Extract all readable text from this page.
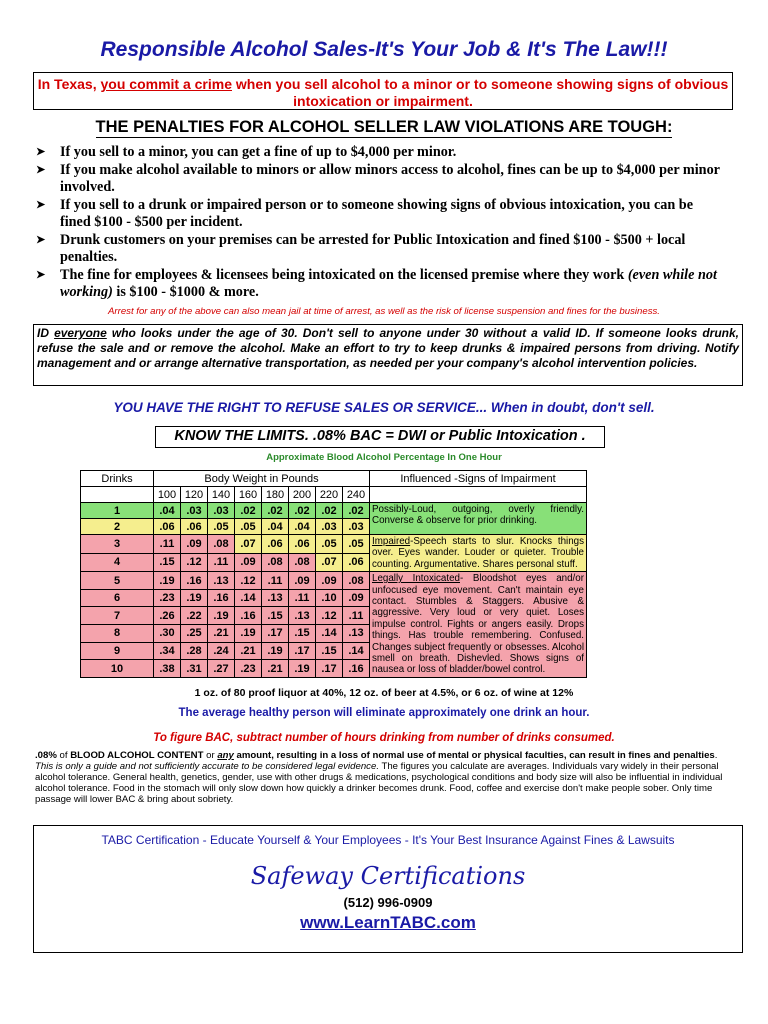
Responsible Alcohol Sales-It's Your Job & It's The Law!!!
In Texas, you commit a crime when you sell alcohol to a minor or to someone showing signs of obvious intoxication or impairment.
THE PENALTIES FOR ALCOHOL SELLER LAW VIOLATIONS ARE TOUGH:
➤ If you sell to a minor, you can get a fine of up to $4,000 per minor.
➤ If you make alcohol available to minors or allow minors access to alcohol, fines can be up to $4,000 per minor involved.
➤ If you sell to a drunk or impaired person or to someone showing signs of obvious intoxication, you can be fined $100 - $500 per incident.
➤ Drunk customers on your premises can be arrested for Public Intoxication and fined $100 - $500 + local penalties.
➤ The fine for employees & licensees being intoxicated on the licensed premise where they work (even while not working) is $100 - $1000 & more.
Arrest for any of the above can also mean jail at time of arrest, as well as the risk of license suspension and fines for the business.
ID everyone who looks under the age of 30. Don't sell to anyone under 30 without a valid ID. If someone looks drunk, refuse the sale and or remove the alcohol. Make an effort to try to keep drunks & impaired persons from driving. Notify management and or arrange alternative transportation, as needed per your company's alcohol intervention policies.
YOU HAVE THE RIGHT TO REFUSE SALES OR SERVICE... When in doubt, don't sell.
KNOW THE LIMITS. .08% BAC = DWI or Public Intoxication .
Approximate Blood Alcohol Percentage In One Hour
Drinks	Body Weight in Pounds								Influenced -Signs of Impairment
	100	120	140	160	180	200	220	240	
1	.04	.03	.03	.02	.02	.02	.02	.02	Possibly-Loud, outgoing, overly friendly. Converse & observe for prior drinking.
2	.06	.06	.05	.05	.04	.04	.03	.03	
3	.11	.09	.08	.07	.06	.06	.05	.05	Impaired-Speech starts to slur. Knocks things over. Eyes wander. Louder or quieter. Trouble counting. Argumentative. Shares personal stuff.
4	.15	.12	.11	.09	.08	.08	.07	.06	
5	.19	.16	.13	.12	.11	.09	.09	.08	Legally Intoxicated- Bloodshot eyes and/or unfocused eye movement. Can't maintain eye contact. Stumbles & Staggers. Abusive & aggressive. Very loud or very quiet. Loses impulse control. Fights or angers easily. Drops things. Has trouble remembering. Confused. Changes subject frequently or obsesses. Alcohol smell on breath. Dishevled. Shows signs of nausea or loss of bladder/bowel control.
6	.23	.19	.16	.14	.13	.11	.10	.09	
7	.26	.22	.19	.16	.15	.13	.12	.11	
8	.30	.25	.21	.19	.17	.15	.14	.13	
9	.34	.28	.24	.21	.19	.17	.15	.14	
10	.38	.31	.27	.23	.21	.19	.17	.16	
1 oz. of 80 proof liquor at 40%, 12 oz. of beer at 4.5%, or 6 oz. of wine at 12%
The average healthy person will eliminate approximately one drink an hour.
To figure BAC, subtract number of hours drinking from number of drinks consumed.

.08% of BLOOD ALCOHOL CONTENT or any amount, resulting in a loss of normal use of mental or physical faculties, can result in fines and penalties. This is only a guide and not sufficiently accurate to be considered legal evidence. The figures you calculate are averages. Individuals vary widely in their personal alcohol tolerance. General health, genetics, gender, use with other drugs & medications, psychological conditions and body size will also be influential in individual alcohol tolerance. Food in the stomach will only slow down how quickly a drinker becomes drunk. Food, coffee and exercise don't make people sober. Only time passage will lower BAC & bring about sobriety.

TABC Certification - Educate Yourself & Your Employees - It's Your Best Insurance Against Fines & Lawsuits
Safeway Certifications
(512) 996-0909
www.LearnTABC.com
